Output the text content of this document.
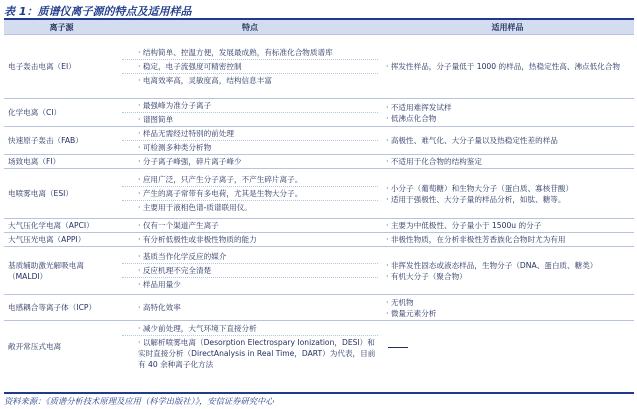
表 1：质谱仪离子源的特点及适用样品
离子源	特点	适用样品
电子轰击电离（EI）	· 结构简单、控温方便，发展最成熟，有标准化合物质谱库
· 稳定，电子流强度可精密控制
· 电离效率高，灵敏度高，结构信息丰富	· 挥发性样品，分子量低于 1000 的样品，热稳定性高、沸点低化合物

化学电离（CI）	· 最强峰为准分子离子
· 谱图简单	· 不适用难挥发试样
· 低沸点化合物

快速原子轰击（FAB）	· 样品无需经过特别的前处理
· 可检测多种类分析物	· 高极性、难气化、大分子量以及热稳定性差的样品

场致电离（FI）	· 分子离子峰强，碎片离子峰少	· 不适用于化合物的结构鉴定

电喷雾电离（ESI）	· 应用广泛，只产生分子离子，不产生碎片离子。
· 产生的离子常带有多电荷，尤其是生物大分子。
· 主要用于液相色谱-质谱联用仪。	· 小分子（葡萄糖）和生物大分子（蛋白质、寡核苷酸）
· 适用于强极性、大分子量的样品分析，如肽、糖等。

大气压化学电离（APCI）	· 仅有一个渠道产生离子	· 主要为中低极性、分子量小于 1500u 的分子

大气压光电离（APPI）	· 有分析低极性或非极性物质的能力	· 非极性物质，在分析非极性芳香族化合物时尤为有用

基质辅助激光解吸电离（MALDI）	· 基质当作化学反应的媒介
· 反应机理不完全清楚
· 样品用量少	· 非挥发性固态或液态样品，生物分子（DNA、蛋白质、糖类）
· 有机大分子（聚合物）

电感耦合等离子体（ICP）	· 高特化效率	· 无机物
· 微量元素分析

敞开常压式电离	· 减少前处理，大气环境下直接分析
· 以解析喷雾电离（Desorption Electrospary Ionization，DESI）和实时直接分析（DirectAnalysis in Real Time，DART）为代表，目前有 40 余种离子化方法	

资料来源：《质谱分析技术原理及应用（科学出版社）》，安信证券研究中心
